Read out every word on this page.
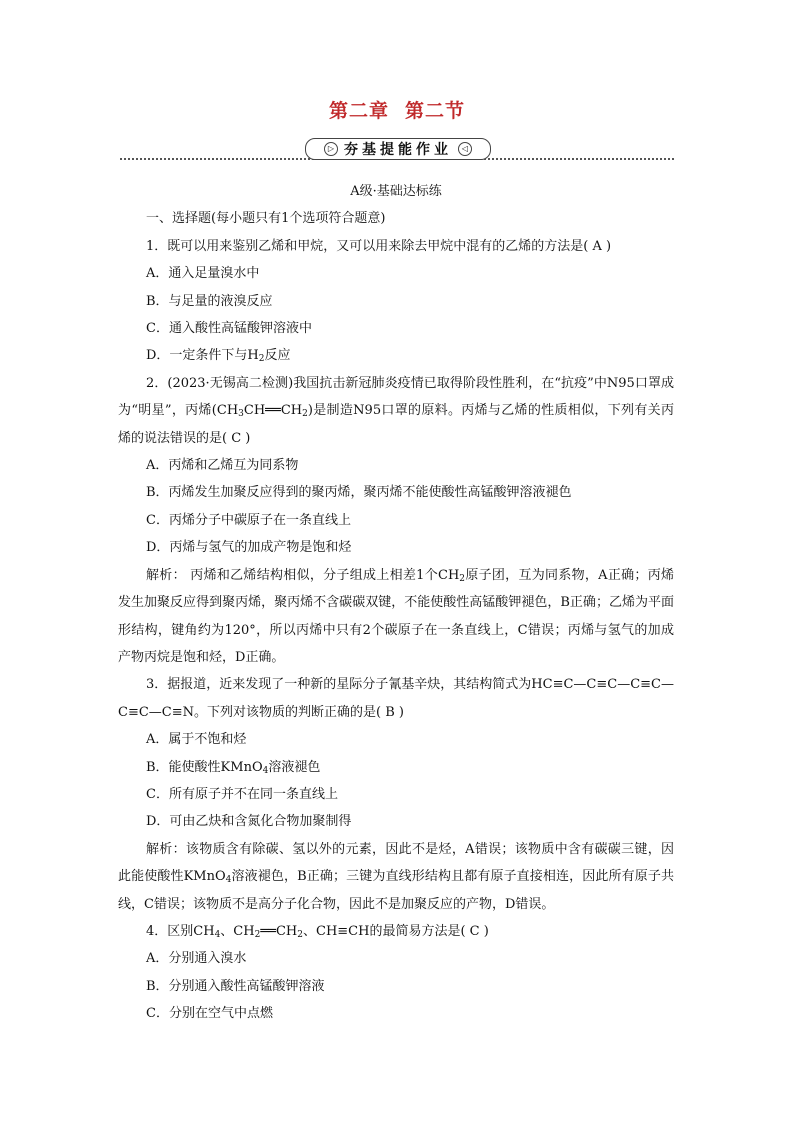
第二章 第二节
▷ 夯基提能作业	◁

A级·基础达标练

一、选择题(每小题只有1个选项符合题意)

1．既可以用来鉴别乙烯和甲烷，又可以用来除去甲烷中混有的乙烯的方法是( A )

A．通入足量溴水中

B．与足量的液溴反应

C．通入酸性高锰酸钾溶液中

D．一定条件下与$H_2$反应

2．(2023·无锡高二检测)我国抗击新冠肺炎疫情已取得阶段性胜利，在“抗疫”中N95口罩成为“明星”，丙烯$(CH_3CH══CH_2)$是制造N95口罩的原料。丙烯与乙烯的性质相似，下列有关丙烯的说法错误的是( C )

A．丙烯和乙烯互为同系物

B．丙烯发生加聚反应得到的聚丙烯，聚丙烯不能使酸性高锰酸钾溶液褪色

C．丙烯分子中碳原子在一条直线上

D．丙烯与氢气的加成产物是饱和烃

解析： 丙烯和乙烯结构相似，分子组成上相差1个$CH_2$原子团，互为同系物，A正确；丙烯发生加聚反应得到聚丙烯，聚丙烯不含碳碳双键，不能使酸性高锰酸钾褪色，B正确；乙烯为平面形结构，键角约为120°，所以丙烯中只有2个碳原子在一条直线上，C错误；丙烯与氢气的加成产物丙烷是饱和烃，D正确。

3．据报道，近来发现了一种新的星际分子氰基辛炔，其结构简式为HC≡C—C≡C—C≡C—C≡C—C≡N。下列对该物质的判断正确的是( B )

A．属于不饱和烃

B．能使酸性KMnO$_4$溶液褪色

C．所有原子并不在同一条直线上

D．可由乙炔和含氮化合物加聚制得

解析：该物质含有除碳、氢以外的元素，因此不是烃，A错误；该物质中含有碳碳三键，因此能使酸性KMnO$_4$溶液褪色，B正确；三键为直线形结构且都有原子直接相连，因此所有原子共线，C错误；该物质不是高分子化合物，因此不是加聚反应的产物，D错误。

4．区别$CH_4$、$CH_2══CH_2$、CH≡CH的最简易方法是( C )

A．分别通入溴水

B．分别通入酸性高锰酸钾溶液

C．分别在空气中点燃
